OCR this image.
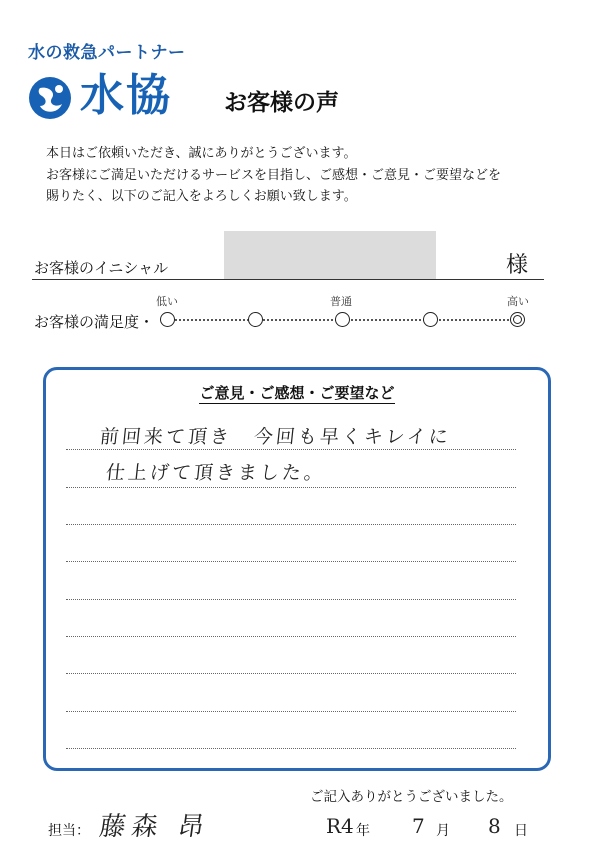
水の救急パートナー
水協 お客様の声

本日はご依頼いただき、誠にありがとうございます。

お客様にご満足いただけるサービスを目指し、ご感想・ご意見・ご要望などを

賜りたく、以下のご記入をよろしくお願い致します。

お客様のイニシャル	様
低い	普通	高い
お客様の満足度・
ご意見・ご感想・ご要望など
前回来て頂き　今回も早くキレイに
仕上げて頂きました。
ご記入ありがとうございました。
担当： 藤森 昂	R4 年 7 月 8 日
